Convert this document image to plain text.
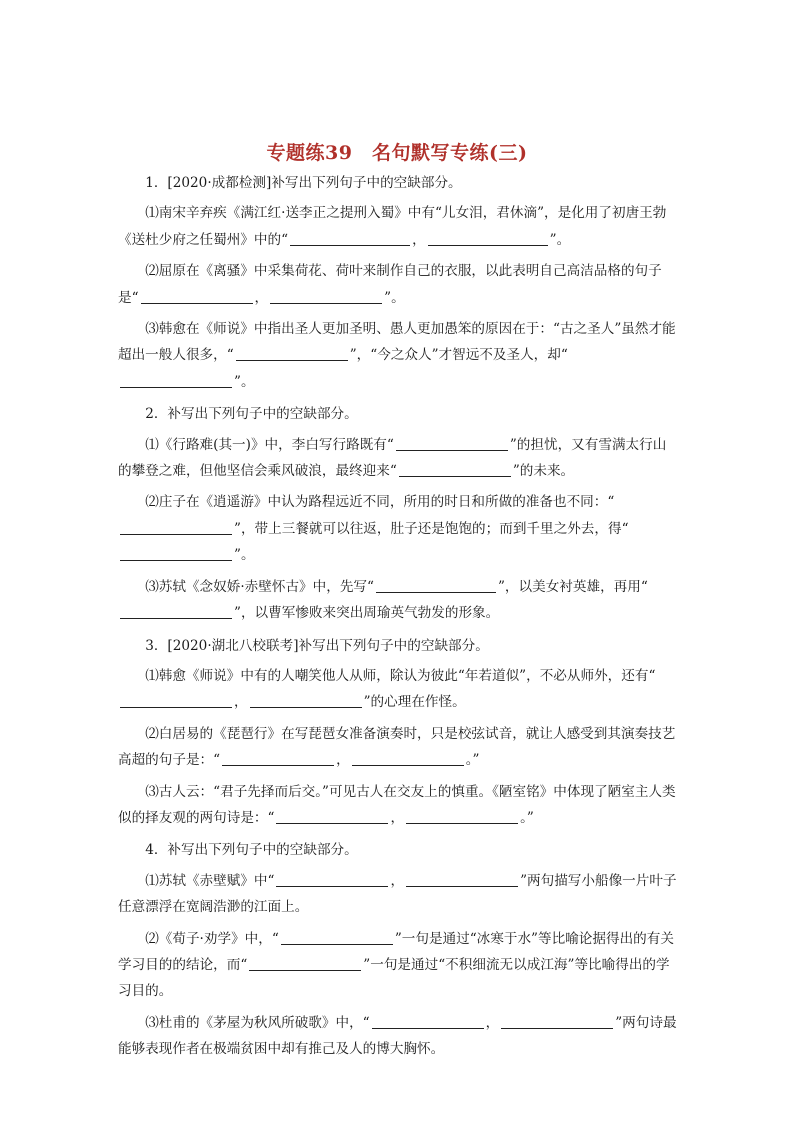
专题练39　名句默写专练(三)

1．[2020·成都检测]补写出下列句子中的空缺部分。

⑴南宋辛弃疾《满江红·送李正之提刑入蜀》中有“儿女泪，君休滴”，是化用了初唐王勃《送杜少府之任蜀州》中的“	，	”。

⑵屈原在《离骚》中采集荷花、荷叶来制作自己的衣服，以此表明自己高洁品格的句子是“	，	”。

⑶韩愈在《师说》中指出圣人更加圣明、愚人更加愚笨的原因在于：“古之圣人”虽然才能超出一般人很多，“	”，“今之众人”才智远不及圣人，却“”。

2．补写出下列句子中的空缺部分。

⑴《行路难(其一)》中，李白写行路既有“	”的担忧，又有雪满太行山的攀登之难，但他坚信会乘风破浪，最终迎来“	”的未来。

⑵庄子在《逍遥游》中认为路程远近不同，所用的时日和所做的准备也不同：“”，带上三餐就可以往返，肚子还是饱饱的；而到千里之外去，得“”。

⑶苏轼《念奴娇·赤壁怀古》中，先写“	”，以美女衬英雄，再用“”，以曹军惨败来突出周瑜英气勃发的形象。

3．[2020·湖北八校联考]补写出下列句子中的空缺部分。

⑴韩愈《师说》中有的人嘲笑他人从师，除认为彼此“年若道似”，不必从师外，还有“，	”的心理在作怪。

⑵白居易的《琵琶行》在写琵琶女准备演奏时，只是校弦试音，就让人感受到其演奏技艺高超的句子是：“	，	。”

⑶古人云：“君子先择而后交。”可见古人在交友上的慎重。《陋室铭》中体现了陋室主人类似的择友观的两句诗是：“	，	。”

4．补写出下列句子中的空缺部分。

⑴苏轼《赤壁赋》中“	，	”两句描写小船像一片叶子任意漂浮在宽阔浩渺的江面上。

⑵《荀子·劝学》中，“	”一句是通过“冰寒于水”等比喻论据得出的有关学习目的的结论，而“	”一句是通过“不积细流无以成江海”等比喻得出的学习目的。

⑶杜甫的《茅屋为秋风所破歌》中，“	，	”两句诗最能够表现作者在极端贫困中却有推己及人的博大胸怀。
